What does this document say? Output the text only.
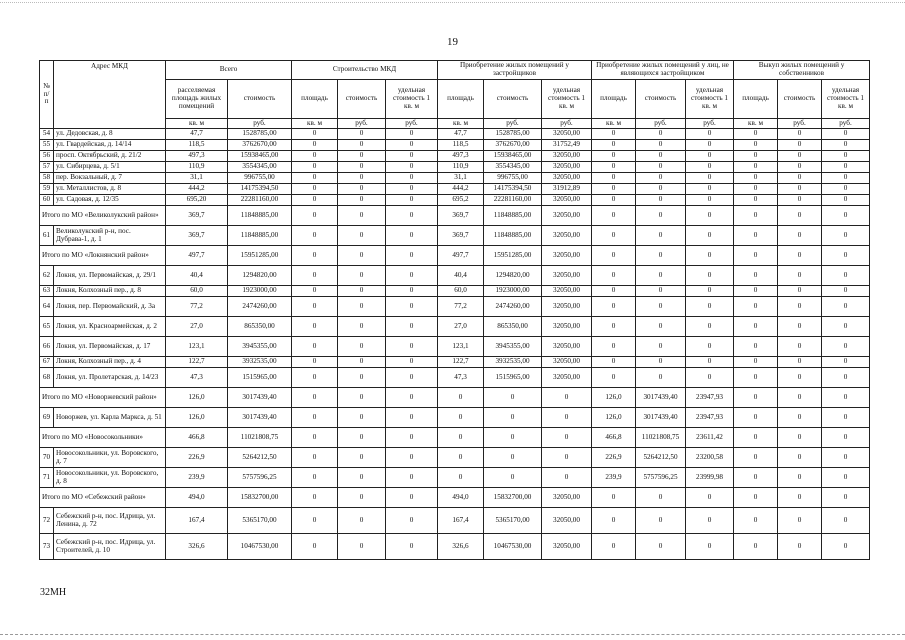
19
№ п/п	Адрес МКД	Всего		Строительство МКД			Приобретение жилых помещений у застройщиков			Приобретение жилых помещений у лиц, не являющихся застройщиком			Выкуп жилых помещений у собственников		
		расселяемая площадь жилых помещений	стоимость	площадь	стоимость	удельная стоимость 1 кв. м	площадь	стоимость	удельная стоимость 1 кв. м	площадь	стоимость	удельная стоимость 1 кв. м	площадь	стоимость	удельная стоимость 1 кв. м
		кв. м	руб.	кв. м	руб.	руб.	кв. м	руб.	руб.	кв. м	руб.	руб.	кв. м	руб.	руб.
54	ул. Дедовская, д. 8	47,7	1528785,00	0	0	0	47,7	1528785,00	32050,00	0	0	0	0	0	0
55	ул. Гвардейская, д. 14/14	118,5	3762670,00	0	0	0	118,5	3762670,00	31752,49	0	0	0	0	0	0
56	просп. Октябрьский, д. 21/2	497,3	15938465,00	0	0	0	497,3	15938465,00	32050,00	0	0	0	0	0	0
57	ул. Сибирцева, д. 5/1	110,9	3554345,00	0	0	0	110,9	3554345,00	32050,00	0	0	0	0	0	0
58	пер. Вокзальный, д. 7	31,1	996755,00	0	0	0	31,1	996755,00	32050,00	0	0	0	0	0	0
59	ул. Металлистов, д. 8	444,2	14175394,50	0	0	0	444,2	14175394,50	31912,89	0	0	0	0	0	0
60	ул. Садовая, д. 12/35	695,20	22281160,00	0	0	0	695,2	22281160,00	32050,00	0	0	0	0	0	0
Итого по МО «Великолукский район»		369,7	11848885,00	0	0	0	369,7	11848885,00	32050,00	0	0	0	0	0	0
61	Великолукский р-н, пос. Дубрава-1, д. 1	369,7	11848885,00	0	0	0	369,7	11848885,00	32050,00	0	0	0	0	0	0
Итого по МО «Локнянский район»		497,7	15951285,00	0	0	0	497,7	15951285,00	32050,00	0	0	0	0	0	0
62	Локня, ул. Первомайская, д. 29/1	40,4	1294820,00	0	0	0	40,4	1294820,00	32050,00	0	0	0	0	0	0
63	Локня, Колхозный пер., д. 8	60,0	1923000,00	0	0	0	60,0	1923000,00	32050,00	0	0	0	0	0	0
64	Локня, пер. Первомайский, д. 3а	77,2	2474260,00	0	0	0	77,2	2474260,00	32050,00	0	0	0	0	0	0
65	Локня, ул. Красноармейская, д. 2	27,0	865350,00	0	0	0	27,0	865350,00	32050,00	0	0	0	0	0	0
66	Локня, ул. Первомайская, д. 17	123,1	3945355,00	0	0	0	123,1	3945355,00	32050,00	0	0	0	0	0	0
67	Локня, Колхозный пер., д. 4	122,7	3932535,00	0	0	0	122,7	3932535,00	32050,00	0	0	0	0	0	0
68	Локня, ул. Пролетарская, д. 14/23	47,3	1515965,00	0	0	0	47,3	1515965,00	32050,00	0	0	0	0	0	0
Итого по МО «Новоржевский район»		126,0	3017439,40	0	0	0	0	0	0	126,0	3017439,40	23947,93	0	0	0
69	Новоржев, ул. Карла Маркса, д. 51	126,0	3017439,40	0	0	0	0	0	0	126,0	3017439,40	23947,93	0	0	0
Итого по МО «Новосокольники»		466,8	11021808,75	0	0	0	0	0	0	466,8	11021808,75	23611,42	0	0	0
70	Новосокольники, ул. Воровского, д. 7	226,9	5264212,50	0	0	0	0	0	0	226,9	5264212,50	23200,58	0	0	0
71	Новосокольники, ул. Воровского, д. 8	239,9	5757596,25	0	0	0	0	0	0	239,9	5757596,25	23999,98	0	0	0
Итого по МО «Себежский район»		494,0	15832700,00	0	0	0	494,0	15832700,00	32050,00	0	0	0	0	0	0
72	Себежский р-н, пос. Идрица, ул. Ленина, д. 72	167,4	5365170,00	0	0	0	167,4	5365170,00	32050,00	0	0	0	0	0	0
73	Себежский р-н, пос. Идрица, ул. Строителей, д. 10	326,6	10467530,00	0	0	0	326,6	10467530,00	32050,00	0	0	0	0	0	0
32МН
